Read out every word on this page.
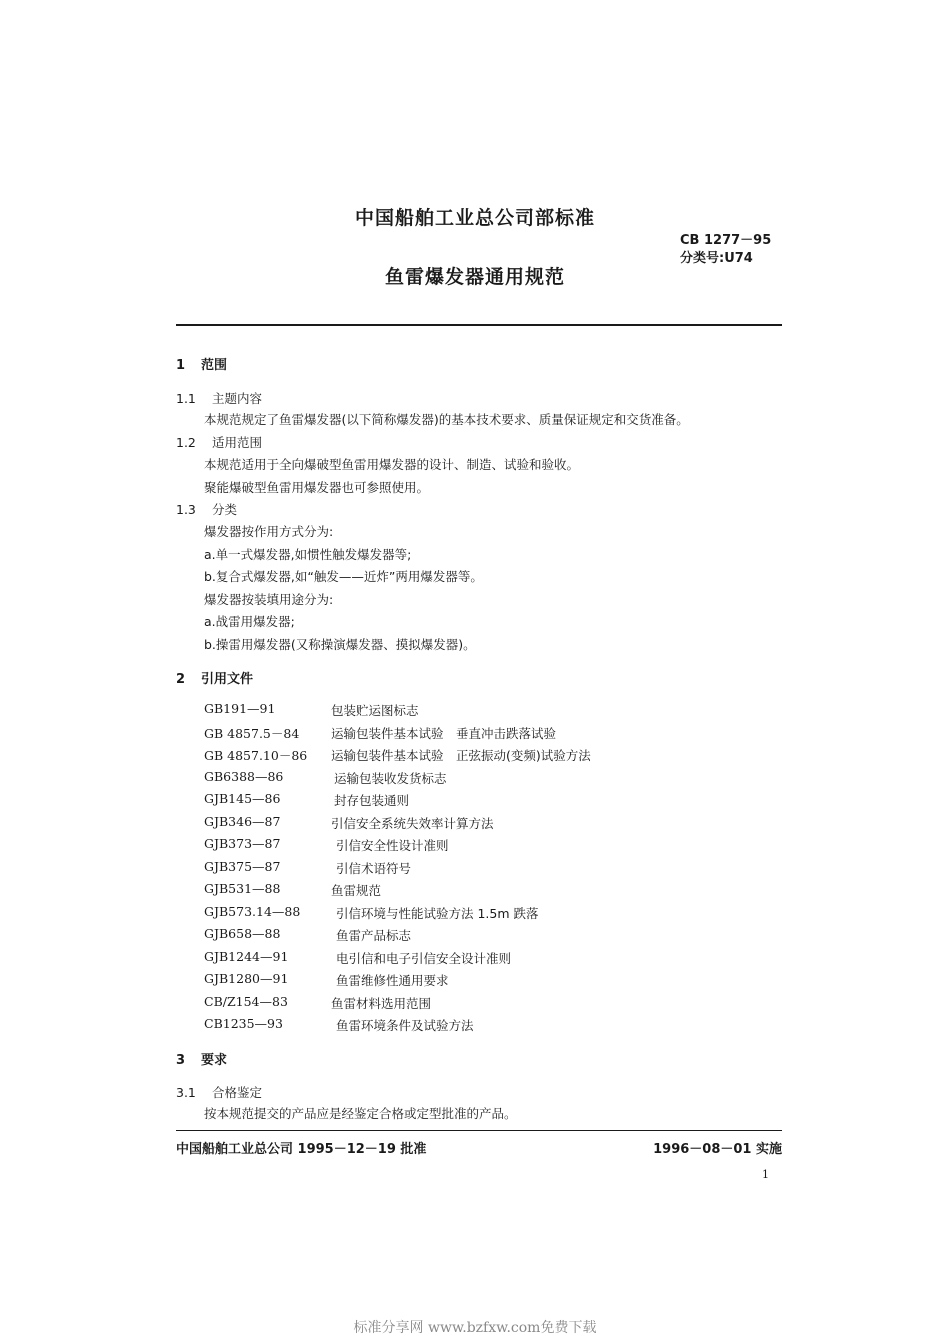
中国船舶工业总公司部标准
CB 1277－95
分类号:U74
鱼雷爆发器通用规范
1 范围
1.1 主题内容
本规范规定了鱼雷爆发器(以下简称爆发器)的基本技术要求、质量保证规定和交货准备。
1.2 适用范围
本规范适用于全向爆破型鱼雷用爆发器的设计、制造、试验和验收。
聚能爆破型鱼雷用爆发器也可参照使用。
1.3 分类
爆发器按作用方式分为:
a.单一式爆发器,如惯性触发爆发器等;
b.复合式爆发器,如“触发——近炸”两用爆发器等。
爆发器按装填用途分为:
a.战雷用爆发器;
b.操雷用爆发器(又称操演爆发器、摸拟爆发器)。
2 引用文件
GB191—91	包装贮运图标志
GB 4857.5－84	运输包装件基本试验　垂直冲击跌落试验
GB 4857.10－86 运输包装件基本试验　正弦振动(变频)试验方法
GB6388—86	运输包装收发货标志
GJB145—86	封存包装通则
GJB346—87	引信安全系统失效率计算方法
GJB373—87	引信安全性设计准则
GJB375—87	引信术语符号
GJB531—88	鱼雷规范
GJB573.14—88	引信环境与性能试验方法 1.5m 跌落
GJB658—88	鱼雷产品标志
GJB1244—91	电引信和电子引信安全设计准则
GJB1280—91	鱼雷维修性通用要求
CB/Z154—83	鱼雷材料选用范围
CB1235—93	鱼雷环境条件及试验方法
3 要求
3.1 合格鉴定
按本规范提交的产品应是经鉴定合格或定型批准的产品。
中国船舶工业总公司 1995－12－19 批准	1996－08－01 实施
1
标准分享网 www.bzfxw.com免费下载
